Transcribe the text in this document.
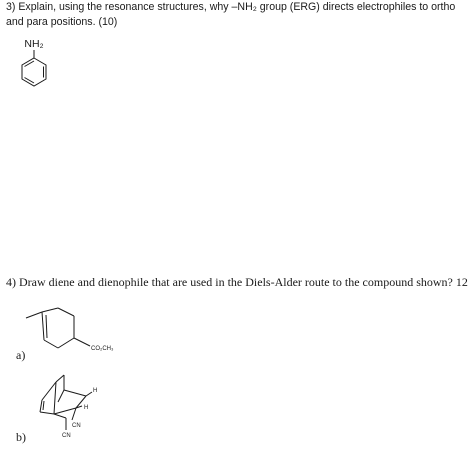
3) Explain, using the resonance structures, why –NH₂ group (ERG) directs electrophiles to ortho and para positions. (10)
NH₂
4) Draw diene and dienophile that are used in the Diels-Alder route to the compound shown? 12
CO₂CH₃
a)
H
H
CN
CN
b)
